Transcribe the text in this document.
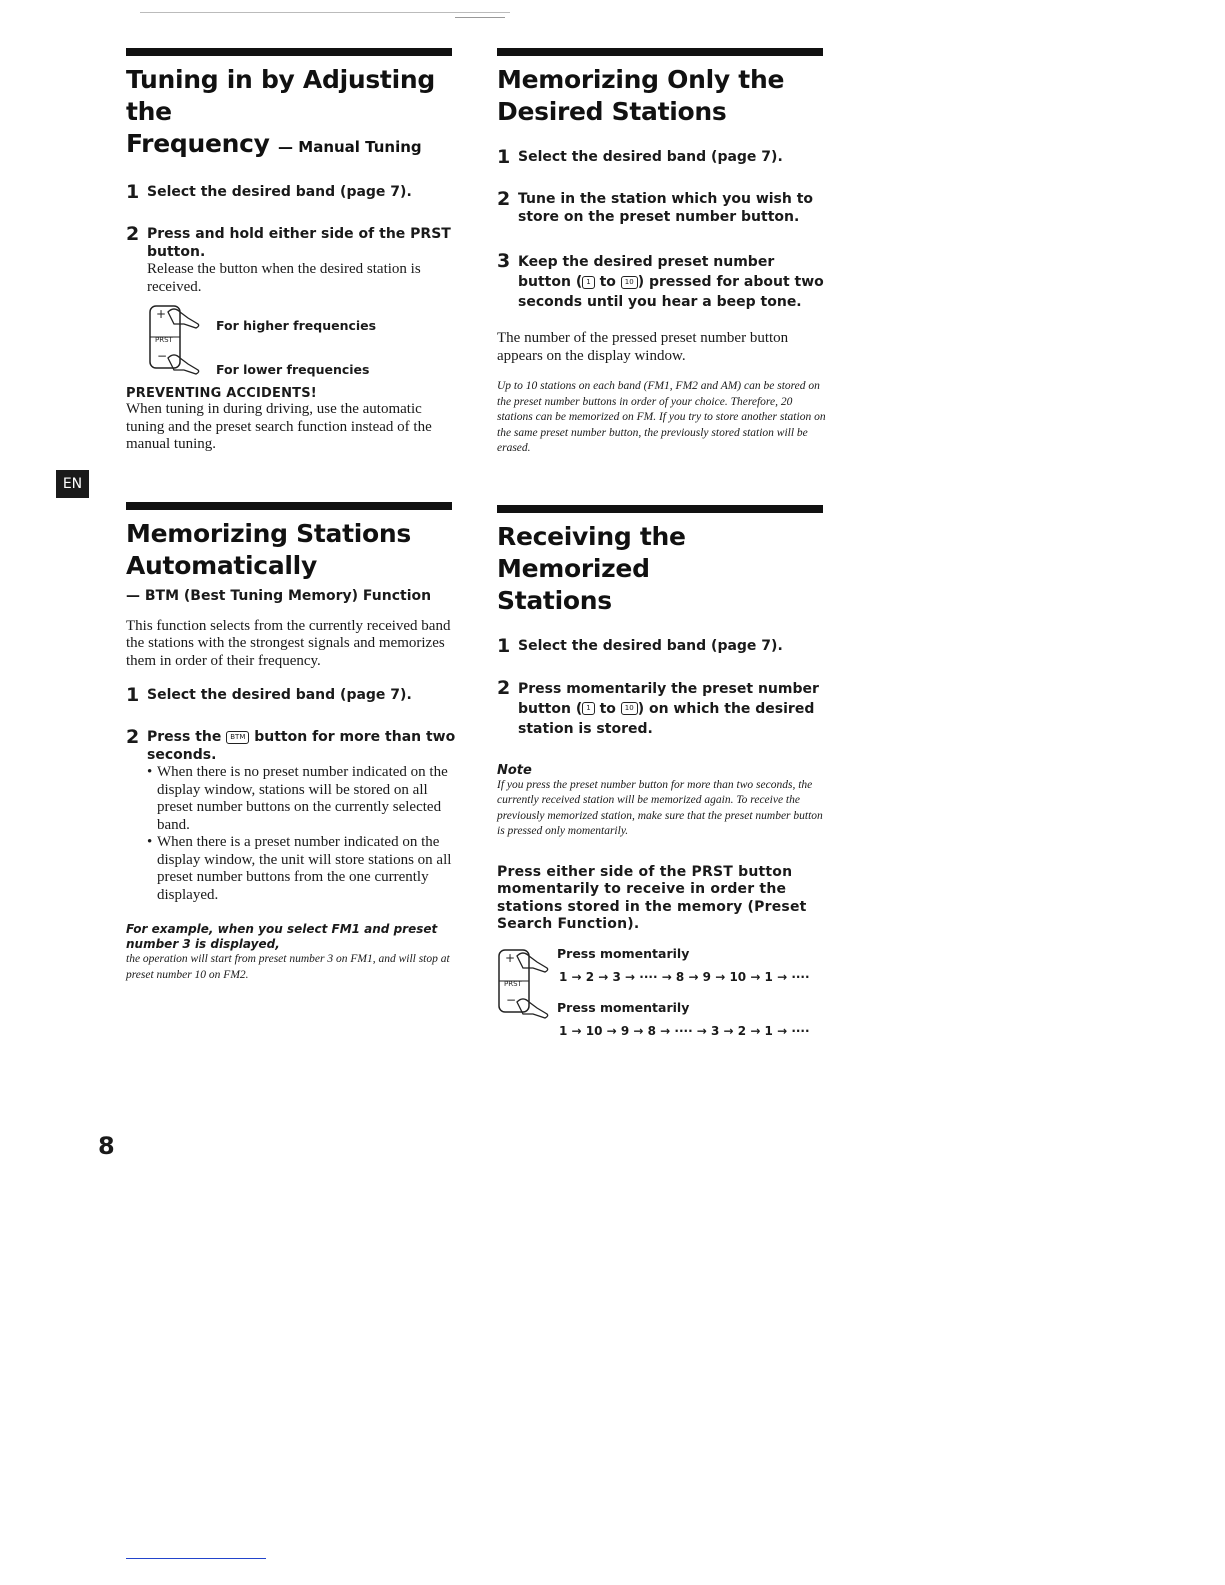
Tuning in by Adjusting the
Frequency — Manual Tuning
1 Select the desired band (page 7).
2 Press and hold either side of the PRST button.
Release the button when the desired station is received.
+
PRST
−
For higher frequencies
For lower frequencies
PREVENTING ACCIDENTS!
When tuning in during driving, use the automatic tuning and the preset search function instead of the manual tuning.
Memorizing Stations
Automatically
— BTM (Best Tuning Memory) Function
This function selects from the currently received band the stations with the strongest signals and memorizes them in order of their frequency.
1 Select the desired band (page 7).
2 Press the BTM button for more than two seconds.
• When there is no preset number indicated on the display window, stations will be stored on all preset number buttons on the currently selected band.
• When there is a preset number indicated on the display window, the unit will store stations on all preset number buttons from the one currently displayed.
For example, when you select FM1 and preset number 3 is displayed,
the operation will start from preset number 3 on FM1, and will stop at preset number 10 on FM2.
Memorizing Only the
Desired Stations
1 Select the desired band (page 7).
2 Tune in the station which you wish to store on the preset number button.
3 Keep the desired preset number button ( 1 to 10 ) pressed for about two seconds until you hear a beep tone.
The number of the pressed preset number button appears on the display window.
Up to 10 stations on each band (FM1, FM2 and AM) can be stored on the preset number buttons in order of your choice. Therefore, 20 stations can be memorized on FM. If you try to store another station on the same preset number button, the previously stored station will be erased.
Receiving the Memorized
Stations
1 Select the desired band (page 7).
2 Press momentarily the preset number button ( 1 to 10 ) on which the desired station is stored.
Note
If you press the preset number button for more than two seconds, the currently received station will be memorized again. To receive the previously memorized station, make sure that the preset number button is pressed only momentarily.
Press either side of the PRST button momentarily to receive in order the stations stored in the memory (Preset Search Function).
+
PRST
−
Press momentarily
1 → 2 → 3 → ···· → 8 → 9 → 10 → 1 → ····
Press momentarily
1 → 10 → 9 → 8 → ···· → 3 → 2 → 1 → ····
EN
8
